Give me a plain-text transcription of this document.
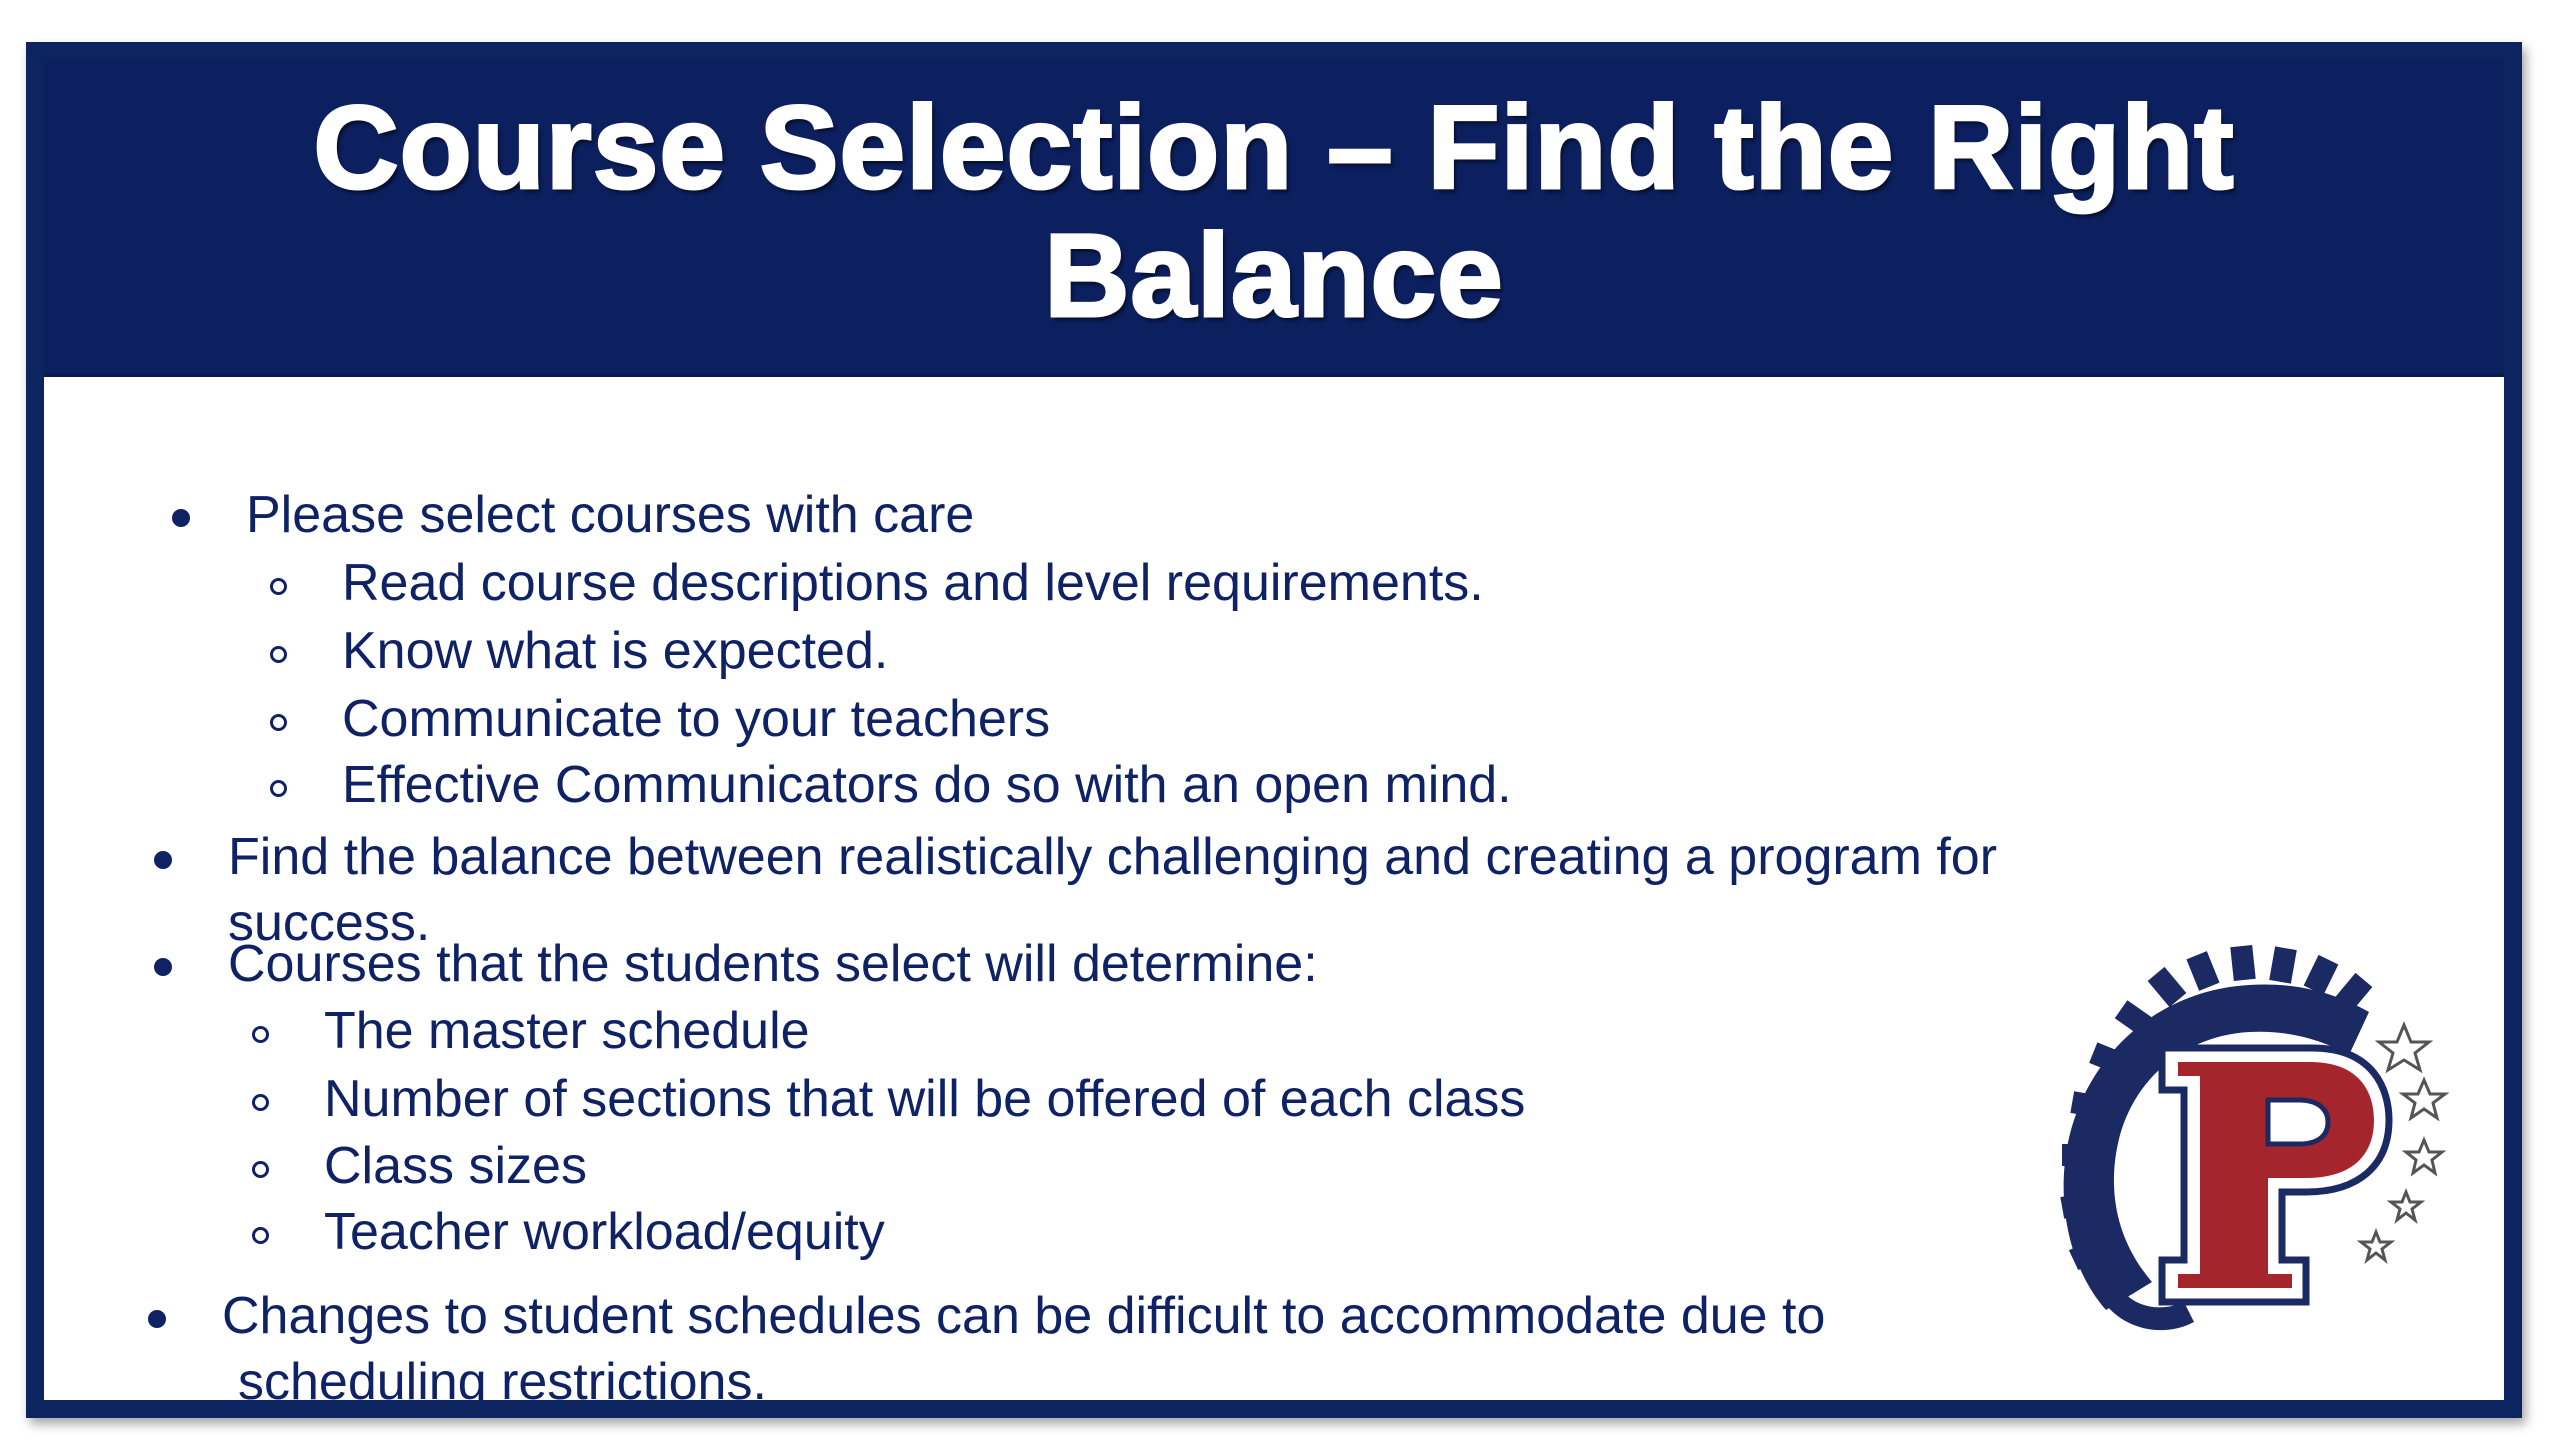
Course Selection – Find the Right
Balance
Please select courses with care
Read course descriptions and level requirements.
Know what is expected.
Communicate to your teachers
Effective Communicators do so with an open mind.
Find the balance between realistically challenging and creating a program for
success.
Courses that the students select will determine:
The master schedule
Number of sections that will be offered of each class
Class sizes
Teacher workload/equity
Changes to student schedules can be difficult to accommodate due to
scheduling restrictions.
